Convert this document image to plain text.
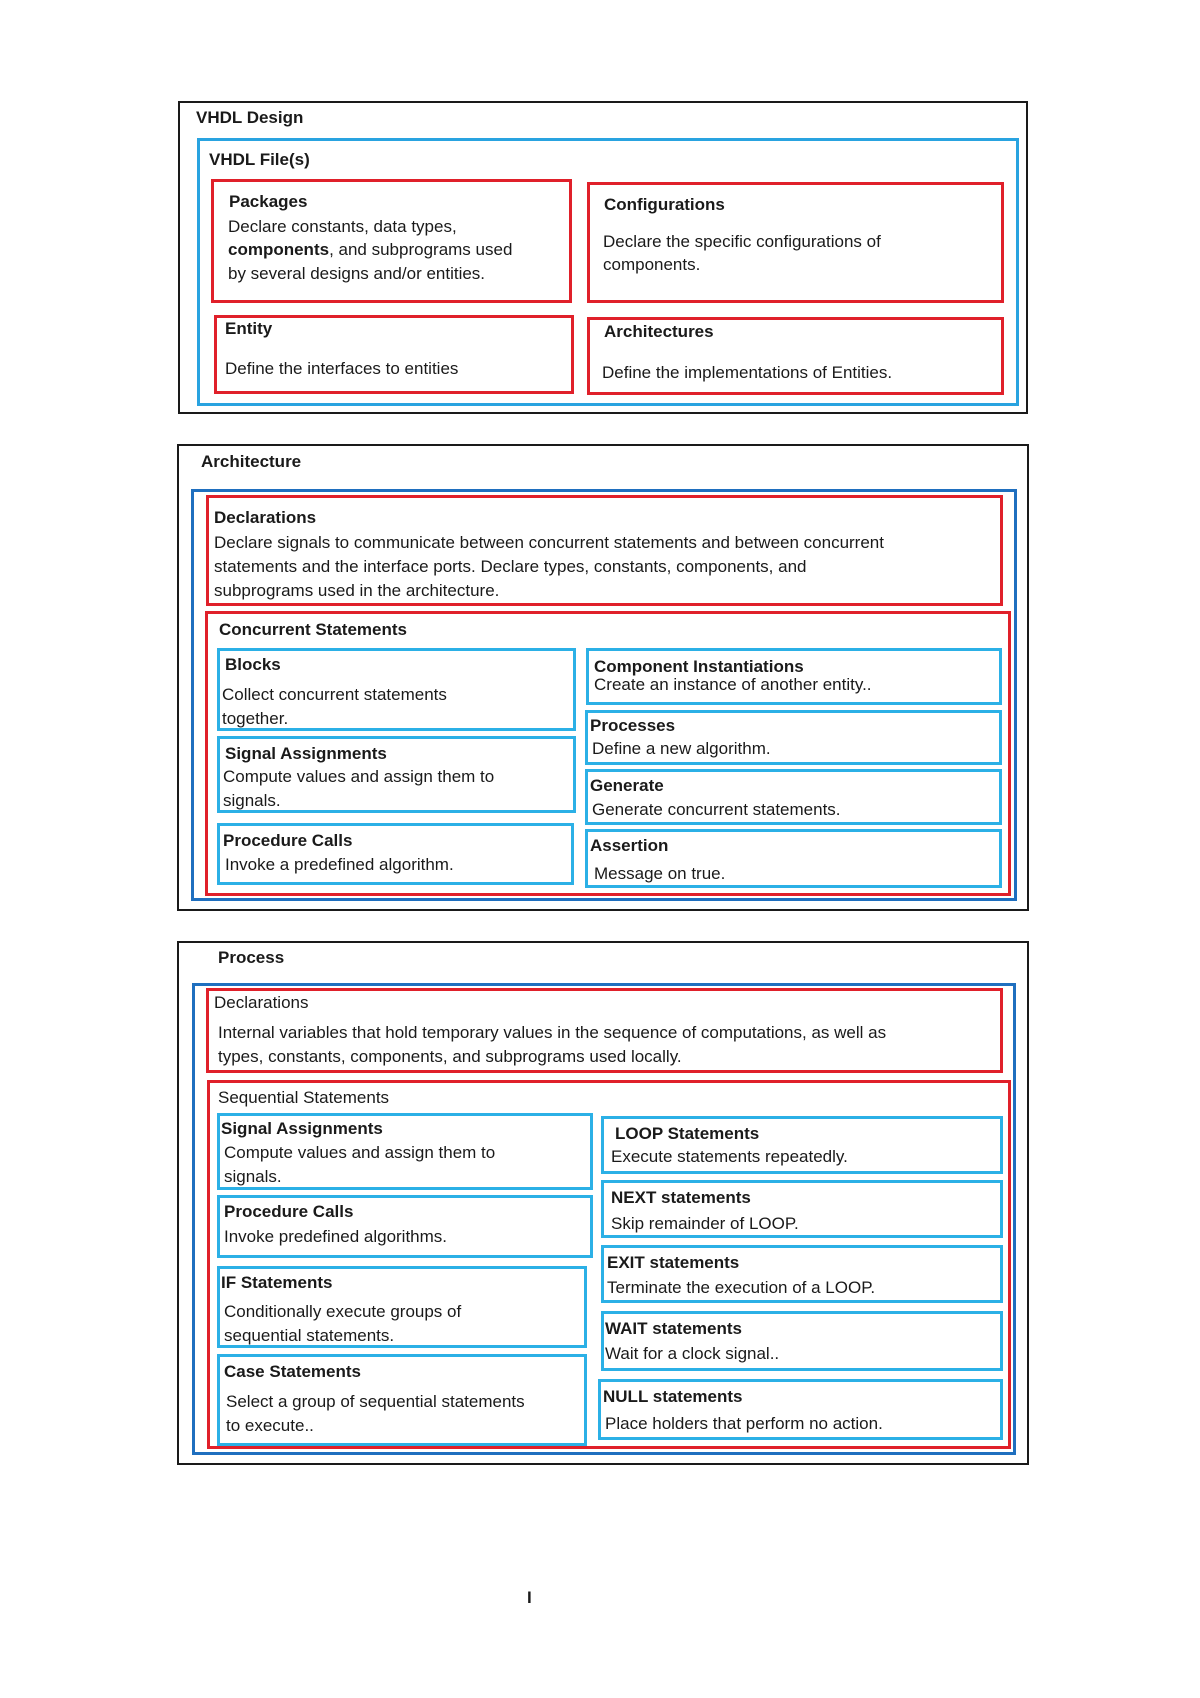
VHDL Design
VHDL File(s)
Packages
Declare constants, data types,
components, and subprograms used
by several designs and/or entities.
Configurations
Declare the specific configurations of
components.
Entity
Define the interfaces to entities
Architectures
Define the implementations of Entities.
Architecture
Declarations
Declare signals to communicate between concurrent statements and between concurrent
statements and the interface ports. Declare types, constants, components, and
subprograms used in the architecture.
Concurrent Statements
Blocks
Collect concurrent statements
together.
Signal Assignments
Compute values and assign them to
signals.
Procedure Calls
Invoke a predefined algorithm.
Component Instantiations
Create an instance of another entity..
Processes
Define a new algorithm.
Generate
Generate concurrent statements.
Assertion
Message on true.
Process
Declarations
Internal variables that hold temporary values in the sequence of computations, as well as
types, constants, components, and subprograms used locally.
Sequential Statements
Signal Assignments
Compute values and assign them to
signals.
Procedure Calls
Invoke predefined algorithms.
IF Statements
Conditionally execute groups of
sequential statements.
Case Statements
Select a group of sequential statements
to execute..
LOOP Statements
Execute statements repeatedly.
NEXT statements
Skip remainder of LOOP.
EXIT statements
Terminate the execution of a LOOP.
WAIT statements
Wait for a clock signal..
NULL statements
Place holders that perform no action.
I
